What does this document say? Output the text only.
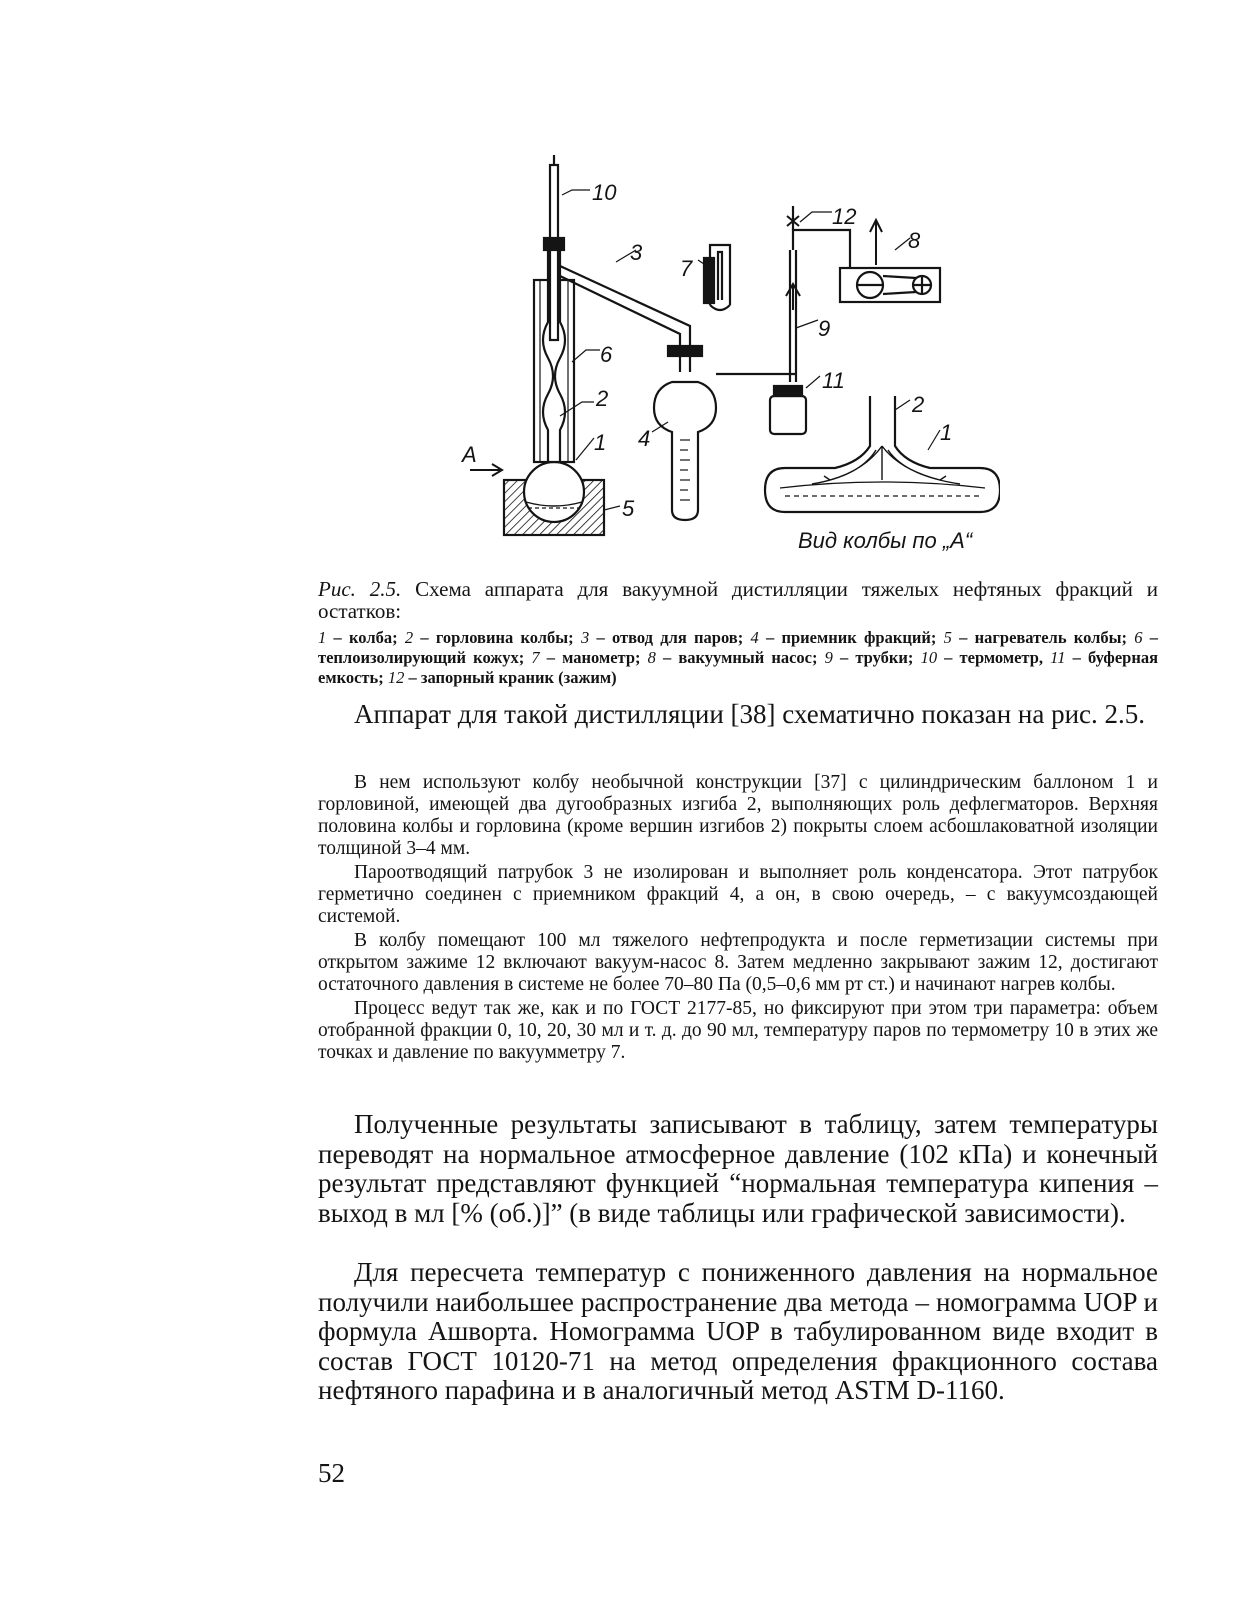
10
3
7
12
8
9
6
2
11
1 4
A
5
2
1
Вид колбы по „А“
Рис. 2.5. Схема аппарата для вакуумной дистилляции тяжелых нефтяных фракций и остатков:
1 – колба; 2 – горловина колбы; 3 – отвод для паров; 4 – приемник фракций; 5 – нагреватель колбы; 6 – теплоизолирующий кожух; 7 – манометр; 8 – вакуумный насос; 9 – трубки; 10 – термометр, 11 – буферная емкость; 12 – запорный краник (зажим)

Аппарат для такой дистилляции [38] схематично показан на рис. 2.5.

В нем используют колбу необычной конструкции [37] с цилиндрическим баллоном 1 и горловиной, имеющей два дугообразных изгиба 2, выполняющих роль дефлегматоров. Верхняя половина колбы и горловина (кроме вершин изгибов 2) покрыты слоем асбошлаковатной изоляции толщиной 3–4 мм.

Пароотводящий патрубок 3 не изолирован и выполняет роль конденсатора. Этот патрубок герметично соединен с приемником фракций 4, а он, в свою очередь, – с вакуумсоздающей системой.

В колбу помещают 100 мл тяжелого нефтепродукта и после герметизации системы при открытом зажиме 12 включают вакуум-насос 8. Затем медленно закрывают зажим 12, достигают остаточного давления в системе не более 70–80 Па (0,5–0,6 мм рт ст.) и начинают нагрев колбы.

Процесс ведут так же, как и по ГОСТ 2177-85, но фиксируют при этом три параметра: объем отобранной фракции 0, 10, 20, 30 мл и т. д. до 90 мл, температуру паров по термометру 10 в этих же точках и давление по вакуумметру 7.

Полученные результаты записывают в таблицу, затем температуры переводят на нормальное атмосферное давление (102 кПа) и конечный результат представляют функцией “нормальная температура кипения – выход в мл [% (об.)]” (в виде таблицы или графической зависимости).

Для пересчета температур с пониженного давления на нормальное получили наибольшее распространение два метода – номограмма UOP и формула Ашворта. Номограмма UOP в табулированном виде входит в состав ГОСТ 10120-71 на метод определения фракционного состава нефтяного парафина и в аналогичный метод ASTM D-1160.

52
